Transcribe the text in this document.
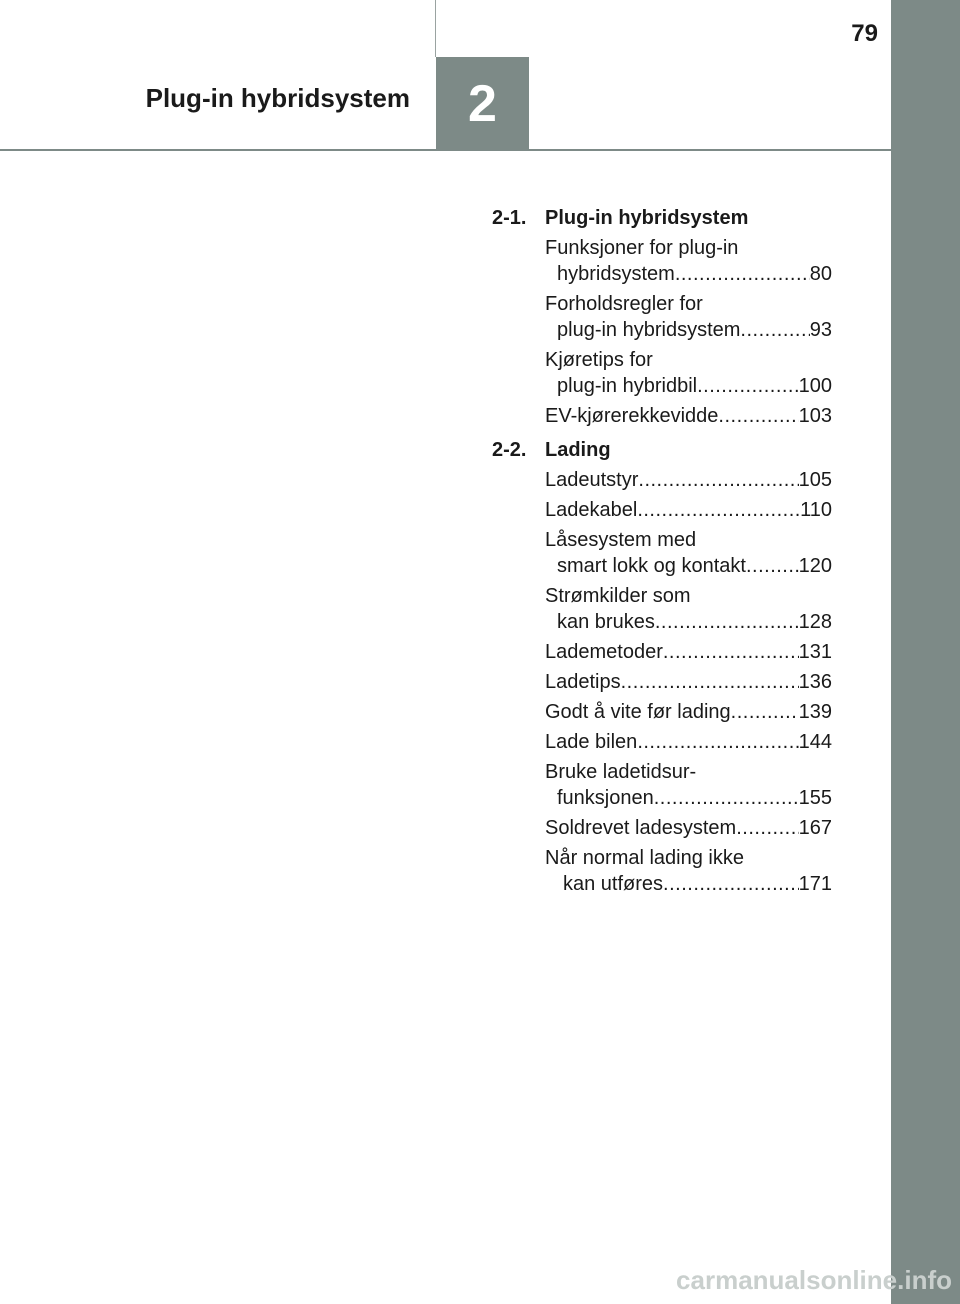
79
Plug-in hybridsystem	2
2-1. Plug-in hybridsystem
Funksjoner for plug-in
hybridsystem .....	80
Forholdsregler for
plug-in hybridsystem .....	93
Kjøretips for
plug-in hybridbil .....	100
EV-kjørerekkevidde .....	103
2-2. Lading
Ladeutstyr .....	105
Ladekabel .....	110
Låsesystem med
smart lokk og kontakt .....	120
Strømkilder som
kan brukes .....	128
Lademetoder .....	131
Ladetips .....	136
Godt å vite før lading .....	139
Lade bilen .....	144
Bruke ladetidsur-
funksjonen .....	155
Soldrevet ladesystem .....	167
Når normal lading ikke
kan utføres .....	171
carmanualsonline.info
